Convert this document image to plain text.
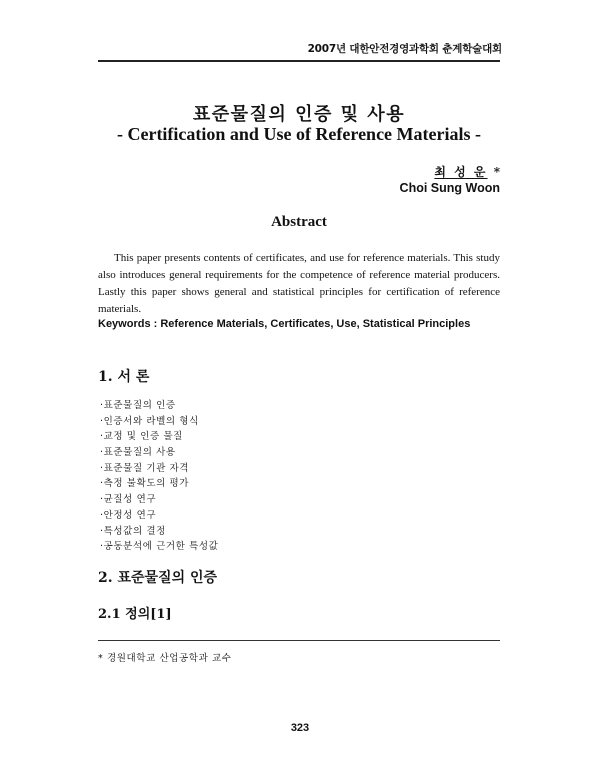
2007년 대한안전경영과학회 춘계학술대회
표준물질의 인증 및 사용
- Certification and Use of Reference Materials -
최 성 운 *
Choi Sung Woon
Abstract

This paper presents contents of certificates, and use for reference materials. This study also introduces general requirements for the competence of reference material producers. Lastly this paper shows general and statistical principles for certification of reference materials.

Keywords : Reference Materials, Certificates, Use, Statistical Principles
1. 서 론
·표준물질의 인증
·인증서와 라벨의 형식
·교정 및 인증 물질
·표준물질의 사용
·표준물질 기관 자격
·측정 불확도의 평가
·균질성 연구
·안정성 연구
·특성값의 결정
·공동분석에 근거한 특성값
2. 표준물질의 인증
2.1 정의[1]
* 경원대학교 산업공학과 교수
323
